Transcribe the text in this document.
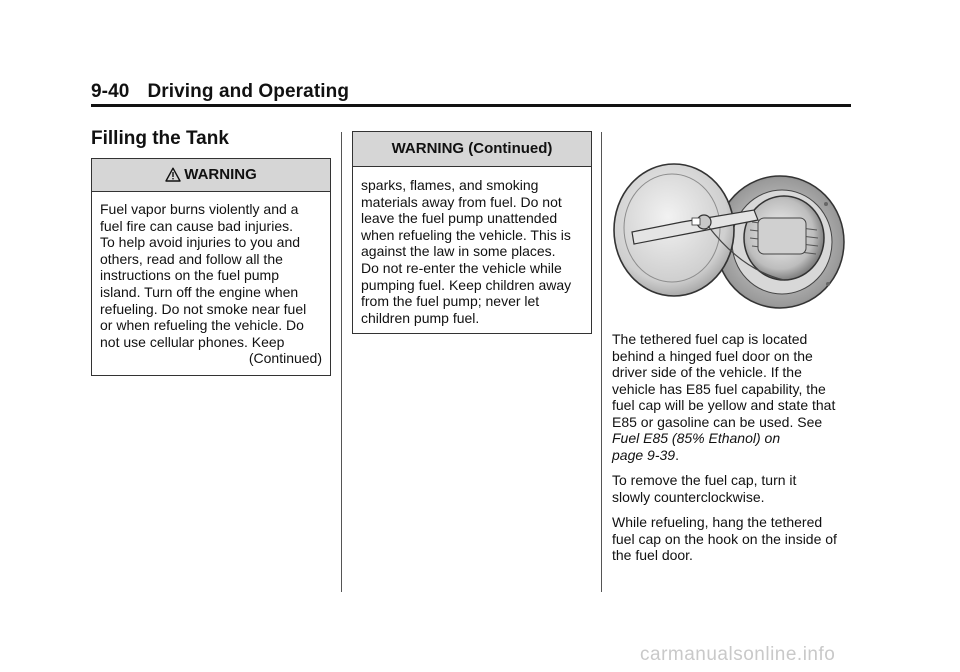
9-40 Driving and Operating
Filling the Tank
WARNING
Fuel vapor burns violently and a
fuel fire can cause bad injuries.
To help avoid injuries to you and
others, read and follow all the
instructions on the fuel pump
island. Turn off the engine when
refueling. Do not smoke near fuel
or when refueling the vehicle. Do
not use cellular phones. Keep
(Continued)
WARNING (Continued)
sparks, flames, and smoking
materials away from fuel. Do not
leave the fuel pump unattended
when refueling the vehicle. This is
against the law in some places.
Do not re-enter the vehicle while
pumping fuel. Keep children away
from the fuel pump; never let
children pump fuel.

The tethered fuel cap is located
behind a hinged fuel door on the
driver side of the vehicle. If the
vehicle has E85 fuel capability, the
fuel cap will be yellow and state that
E85 or gasoline can be used. See
Fuel E85 (85% Ethanol) on
page 9-39.

To remove the fuel cap, turn it
slowly counterclockwise.

While refueling, hang the tethered
fuel cap on the hook on the inside of
the fuel door.

carmanualsonline.info
